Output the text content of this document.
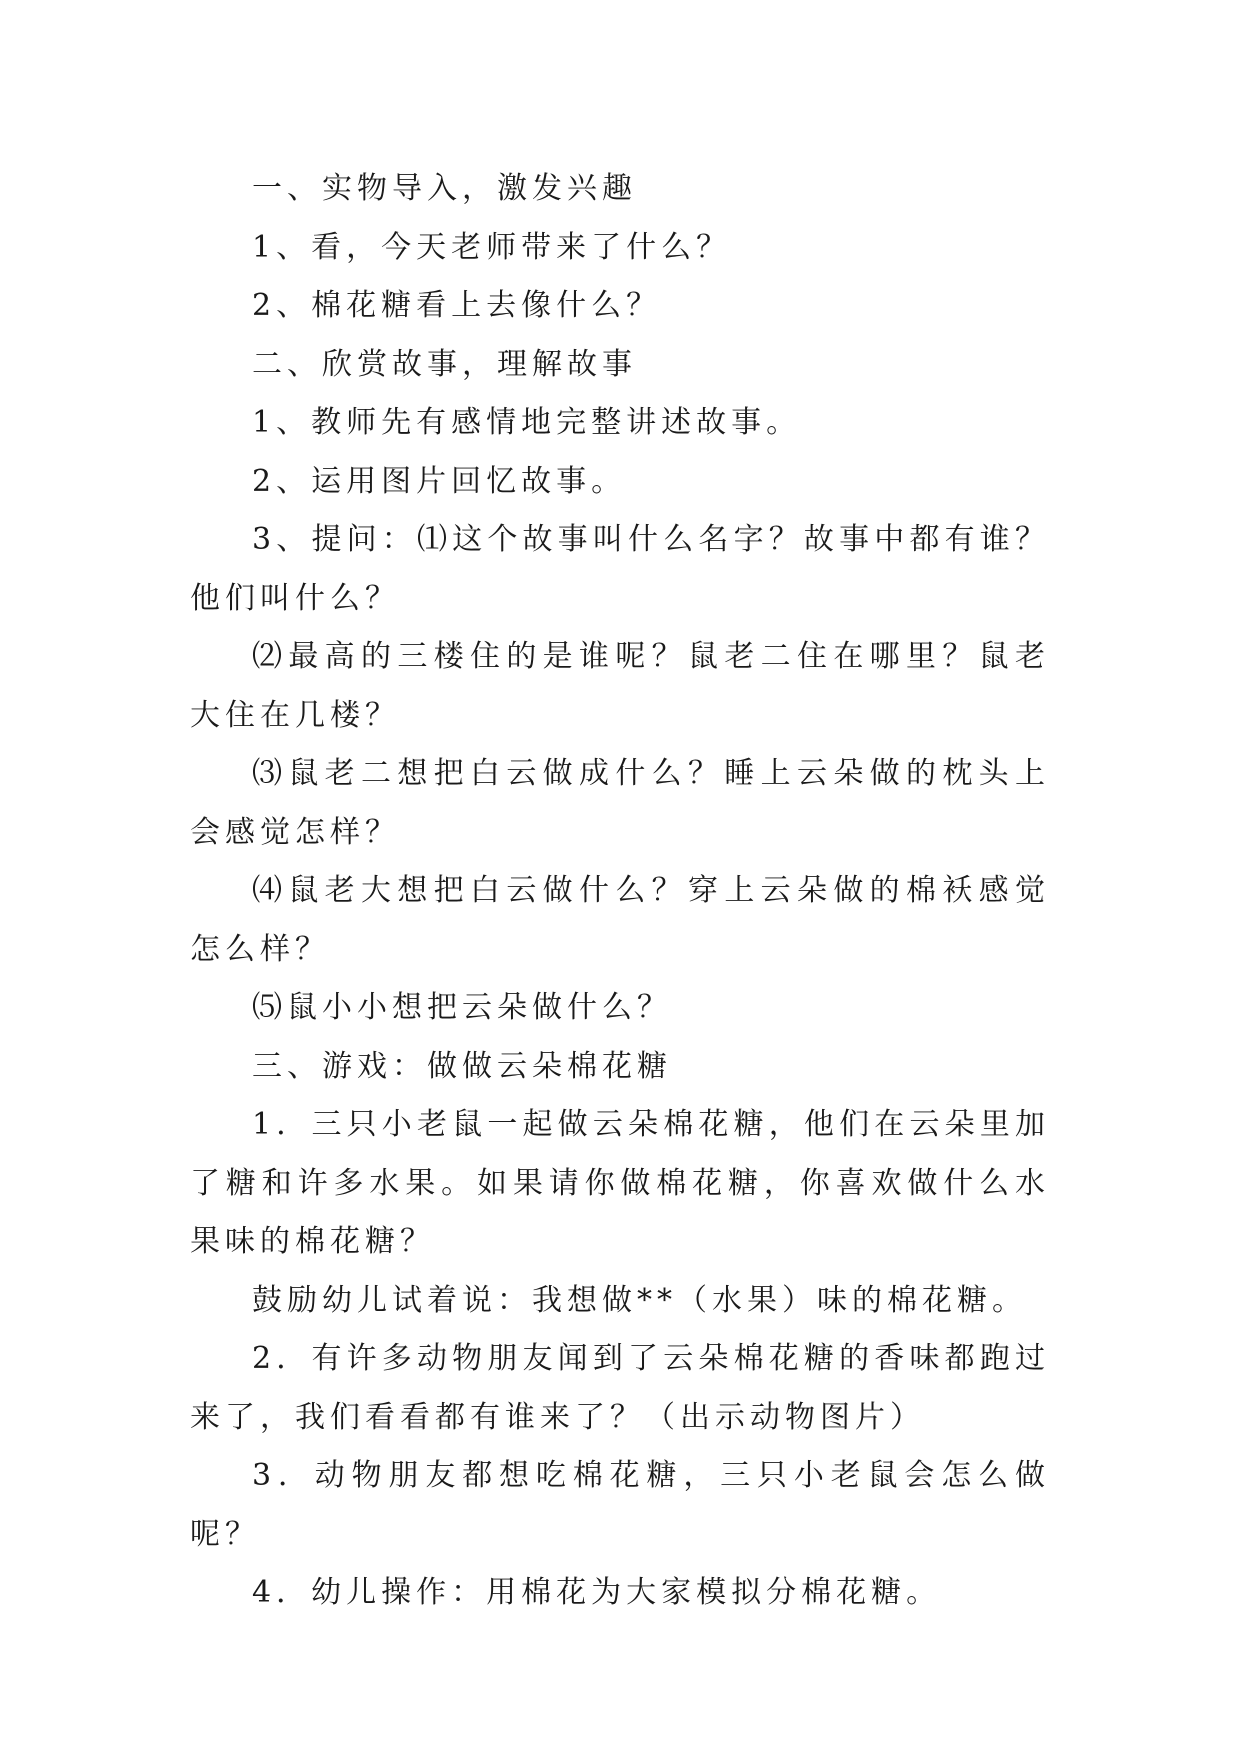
一、实物导入，激发兴趣

1、看，今天老师带来了什么？

2、棉花糖看上去像什么？

二、欣赏故事，理解故事

1、教师先有感情地完整讲述故事。

2、运用图片回忆故事。

3、提问：⑴这个故事叫什么名字？故事中都有谁？他们叫什么？

⑵最高的三楼住的是谁呢？鼠老二住在哪里？鼠老大住在几楼？

⑶鼠老二想把白云做成什么？睡上云朵做的枕头上会感觉怎样？

⑷鼠老大想把白云做什么？穿上云朵做的棉袄感觉怎么样？

⑸鼠小小想把云朵做什么？

三、游戏：做做云朵棉花糖

1．三只小老鼠一起做云朵棉花糖，他们在云朵里加了糖和许多水果。如果请你做棉花糖，你喜欢做什么水果味的棉花糖？

鼓励幼儿试着说：我想做**（水果）味的棉花糖。

2．有许多动物朋友闻到了云朵棉花糖的香味都跑过来了，我们看看都有谁来了？（出示动物图片）

3．动物朋友都想吃棉花糖，三只小老鼠会怎么做呢？

4．幼儿操作：用棉花为大家模拟分棉花糖。
